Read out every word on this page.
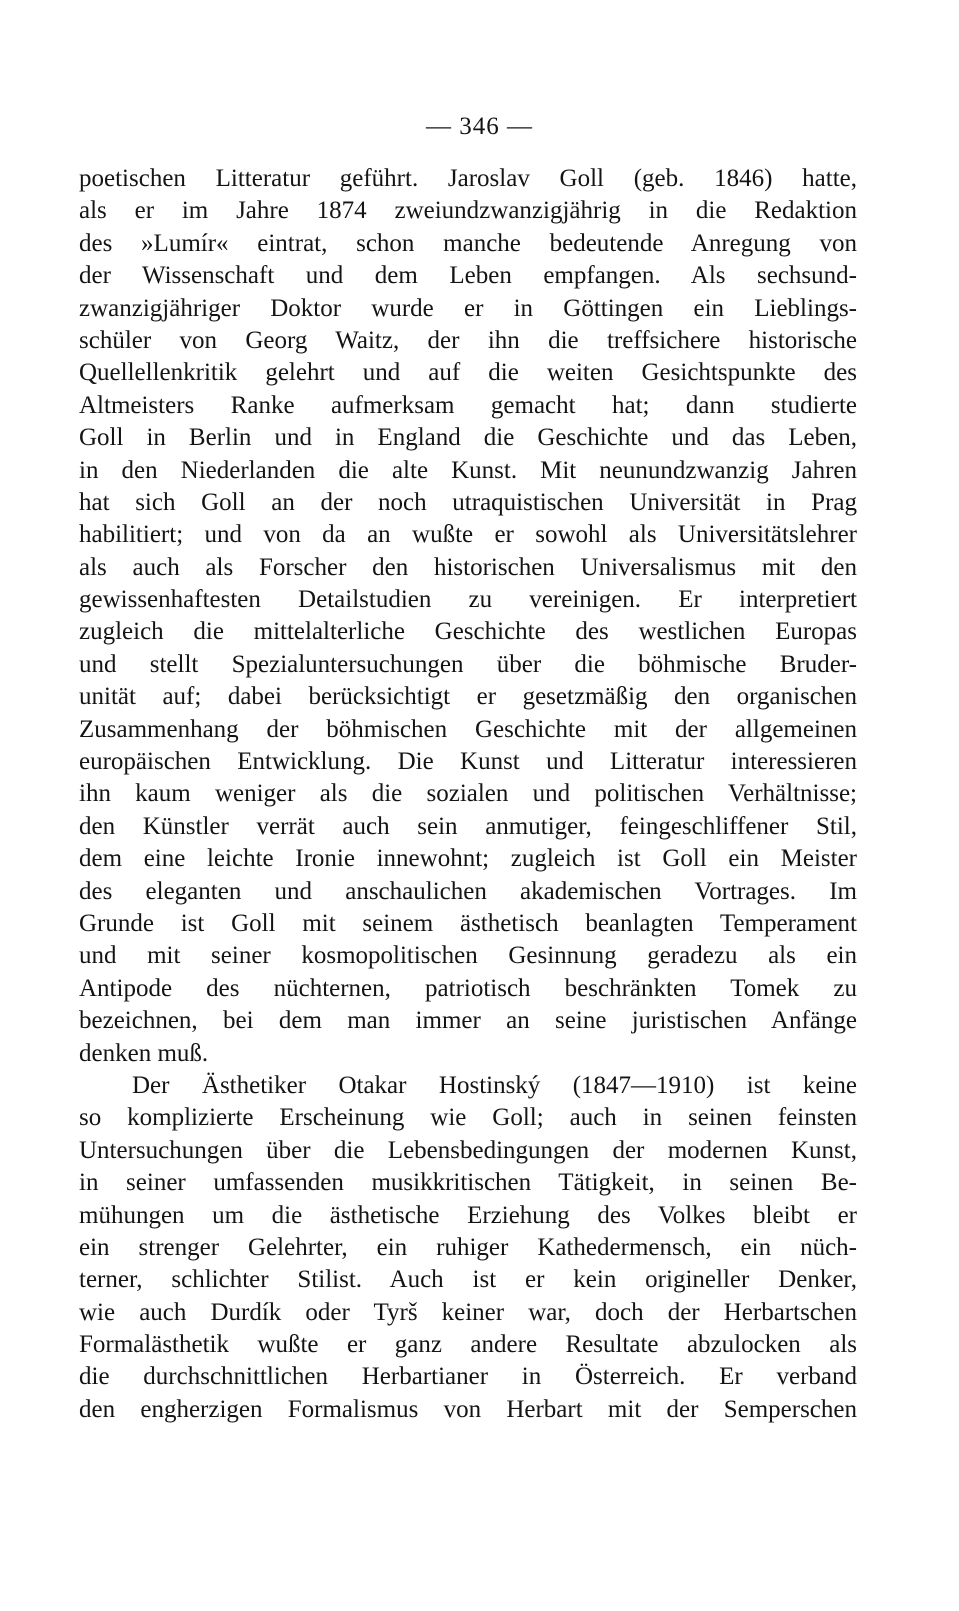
— 346 —
poetischen Litteratur geführt. Jaroslav Goll (geb. 1846) hatte,
als er im Jahre 1874 zweiundzwanzigjährig in die Redaktion
des »Lumír« eintrat, schon manche bedeutende Anregung von
der Wissenschaft und dem Leben empfangen. Als sechsund-
zwanzigjähriger Doktor wurde er in Göttingen ein Lieblings-
schüler von Georg Waitz, der ihn die treffsichere historische
Quellellenkritik gelehrt und auf die weiten Gesichtspunkte des
Altmeisters Ranke aufmerksam gemacht hat; dann studierte
Goll in Berlin und in England die Geschichte und das Leben,
in den Niederlanden die alte Kunst. Mit neunundzwanzig Jahren
hat sich Goll an der noch utraquistischen Universität in Prag
habilitiert; und von da an wußte er sowohl als Universitätslehrer
als auch als Forscher den historischen Universalismus mit den
gewissenhaftesten Detailstudien zu vereinigen. Er interpretiert
zugleich die mittelalterliche Geschichte des westlichen Europas
und stellt Spezialuntersuchungen über die böhmische Bruder-
unität auf; dabei berücksichtigt er gesetzmäßig den organischen
Zusammenhang der böhmischen Geschichte mit der allgemeinen
europäischen Entwicklung. Die Kunst und Litteratur interessieren
ihn kaum weniger als die sozialen und politischen Verhältnisse;
den Künstler verrät auch sein anmutiger, feingeschliffener Stil,
dem eine leichte Ironie innewohnt; zugleich ist Goll ein Meister
des eleganten und anschaulichen akademischen Vortrages. Im
Grunde ist Goll mit seinem ästhetisch beanlagten Temperament
und mit seiner kosmopolitischen Gesinnung geradezu als ein
Antipode des nüchternen, patriotisch beschränkten Tomek zu
bezeichnen, bei dem man immer an seine juristischen Anfänge
denken muß.
Der Ästhetiker Otakar Hostinský (1847—1910) ist keine
so komplizierte Erscheinung wie Goll; auch in seinen feinsten
Untersuchungen über die Lebensbedingungen der modernen Kunst,
in seiner umfassenden musikkritischen Tätigkeit, in seinen Be-
mühungen um die ästhetische Erziehung des Volkes bleibt er
ein strenger Gelehrter, ein ruhiger Kathedermensch, ein nüch-
terner, schlichter Stilist. Auch ist er kein origineller Denker,
wie auch Durdík oder Tyrš keiner war, doch der Herbartschen
Formalästhetik wußte er ganz andere Resultate abzulocken als
die durchschnittlichen Herbartianer in Österreich. Er verband
den engherzigen Formalismus von Herbart mit der Semperschen
